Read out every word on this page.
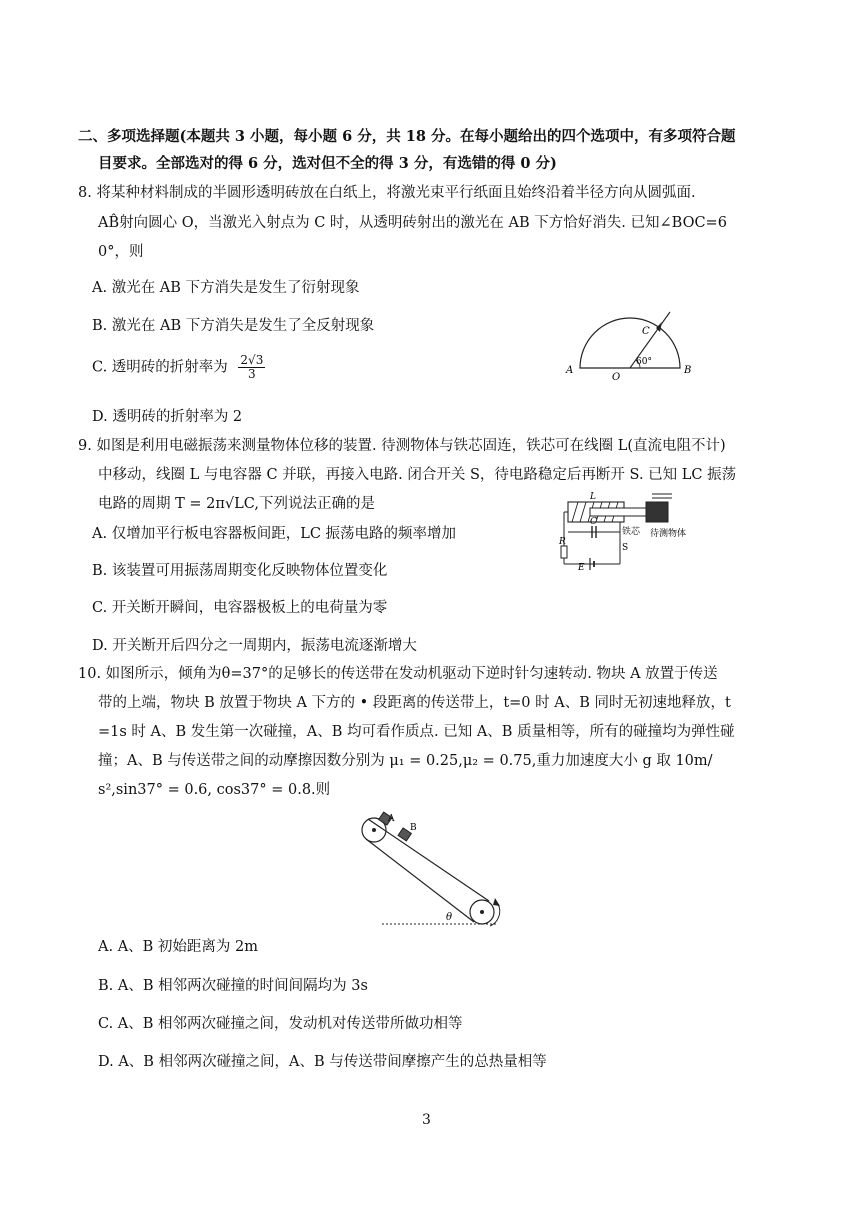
二、多项选择题(本题共 3 小题，每小题 6 分，共 18 分。在每小题给出的四个选项中，有多项符合题
目要求。全部选对的得 6 分，选对但不全的得 3 分，有选错的得 0 分)
8. 将某种材料制成的半圆形透明砖放在白纸上，将激光束平行纸面且始终沿着半径方向从圆弧面.
AB̂射向圆心 O，当激光入射点为 C 时，从透明砖射出的激光在 AB 下方恰好消失. 已知∠BOC=6
0°，则
A. 激光在 AB 下方消失是发生了衍射现象
B. 激光在 AB 下方消失是发生了全反射现象
C. 透明砖的折射率为 $\frac{2√3}{3}$
D. 透明砖的折射率为 2
A	B
C
O
60°
9. 如图是利用电磁振荡来测量物体位移的装置. 待测物体与铁芯固连，铁芯可在线圈 L(直流电阻不计)
中移动，线圈 L 与电容器 C 并联，再接入电路. 闭合开关 S，待电路稳定后再断开 S. 已知 LC 振荡
电路的周期 T = 2π√LC,下列说法正确的是
A. 仅增加平行板电容器板间距，LC 振荡电路的频率增加
B. 该装置可用振荡周期变化反映物体位置变化
C. 开关断开瞬间，电容器极板上的电荷量为零
D. 开关断开后四分之一周期内，振荡电流逐渐增大
L
铁芯 待测物体
C
R
S
E
10. 如图所示，倾角为θ=37°的足够长的传送带在发动机驱动下逆时针匀速转动. 物块 A 放置于传送
带的上端，物块 B 放置于物块 A 下方的 • 段距离的传送带上，t=0 时 A、B 同时无初速地释放，t
=1s 时 A、B 发生第一次碰撞，A、B 均可看作质点. 已知 A、B 质量相等，所有的碰撞均为弹性碰
撞；A、B 与传送带之间的动摩擦因数分别为 μ₁ = 0.25,μ₂ = 0.75,重力加速度大小 g 取 10m/
s²,sin37° = 0.6, cos37° = 0.8.则
A
B
θ
A. A、B 初始距离为 2m
B. A、B 相邻两次碰撞的时间间隔均为 3s
C. A、B 相邻两次碰撞之间，发动机对传送带所做功相等
D. A、B 相邻两次碰撞之间，A、B 与传送带间摩擦产生的总热量相等
3
